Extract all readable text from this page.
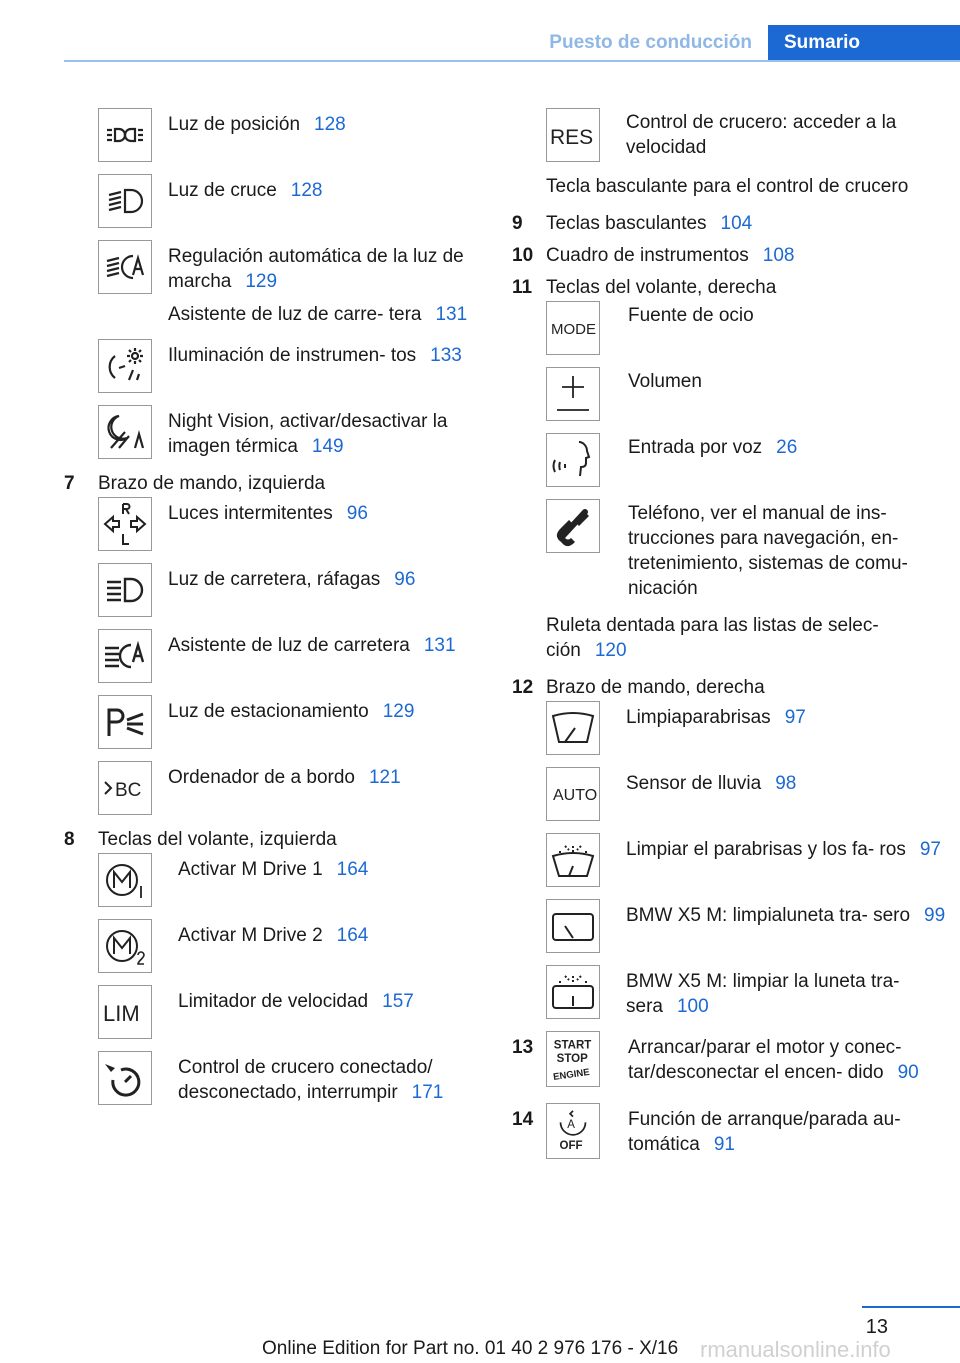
Puesto de conducción	Sumario
Luz de posición 128
Luz de cruce 128
Regulación automática de la luz de marcha 129
Asistente de luz de carre- tera 131
Iluminación de instrumen- tos 133
Night Vision, activar/desactivar la imagen térmica 149
7	Brazo de mando, izquierda
Luces intermitentes 96
Luz de carretera, ráfagas 96
Asistente de luz de carretera 131
Luz de estacionamiento 129
BC
Ordenador de a bordo 121
8	Teclas del volante, izquierda
Activar M Drive 1 164
Activar M Drive 2 164
LIM	Limitador de velocidad 157
Control de crucero conectado/ desconectado, interrumpir 171
RES
Control de crucero: acceder a la velocidad
Tecla basculante para el control de crucero
9	Teclas basculantes 104
10 Cuadro de instrumentos 108
11 Teclas del volante, derecha
MODE
Fuente de ocio
Volumen
Entrada por voz 26
Teléfono, ver el manual de ins- trucciones para navegación, en- tretenimiento, sistemas de comu- nicación
Ruleta dentada para las listas de selec- ción 120
12 Brazo de mando, derecha
Limpiaparabrisas 97
AUTO
Sensor de lluvia 98
Limpiar el parabrisas y los fa- ros 97
BMW X5 M: limpialuneta tra- sero 99
BMW X5 M: limpiar la luneta tra- sera 100
13	START
STOP
ENGINE
Arrancar/parar el motor y conec- tar/desconectar el encen- dido 90
14	A
OFF
Función de arranque/parada au- tomática 91
13
Online Edition for Part no. 01 40 2 976 176 - X/16 rmanualsonline.info
